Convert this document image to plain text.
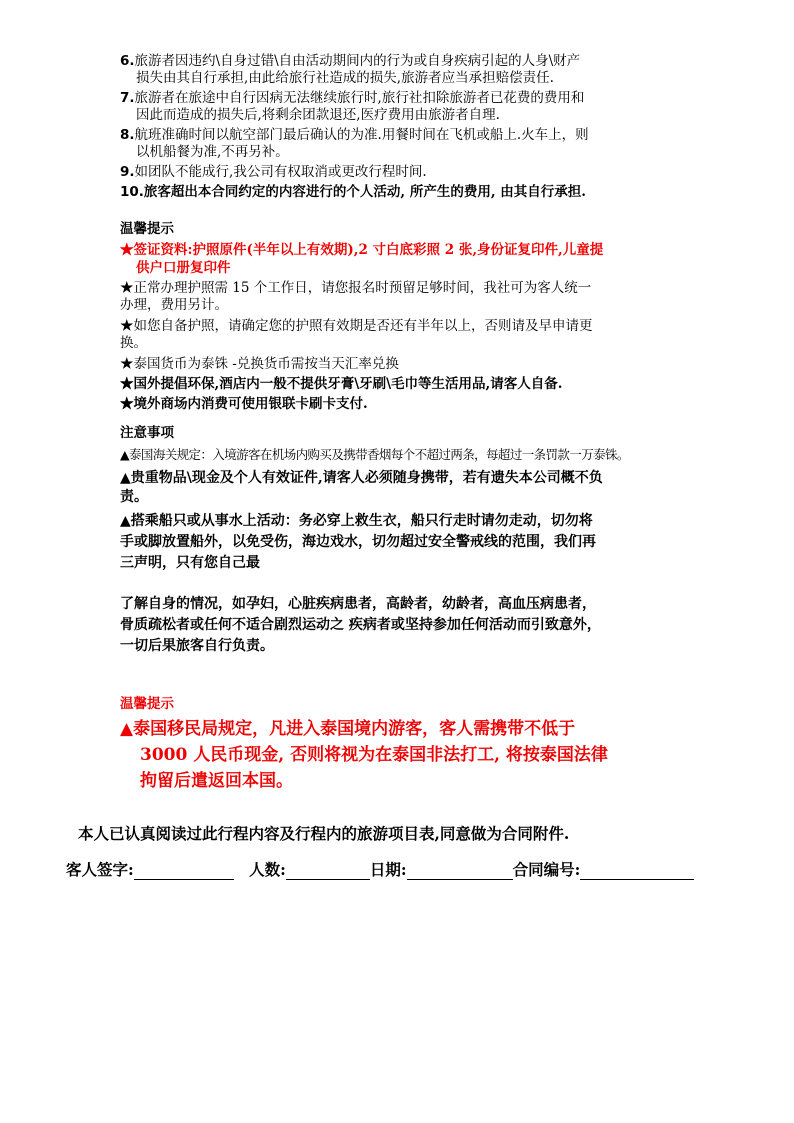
6. 旅游者因违约\自身过错\自由活动期间内的行为或自身疾病引起的人身\财产
损失由其自行承担,由此给旅行社造成的损失,旅游者应当承担赔偿责任.
7. 旅游者在旅途中自行因病无法继续旅行时,旅行社扣除旅游者已花费的费用和
因此而造成的损失后,将剩余团款退还,医疗费用由旅游者自理.
8. 航班准确时间以航空部门最后确认的为准.用餐时间在飞机或船上.火车上，则
以机船餐为准,不再另补。
9. 如团队不能成行,我公司有权取消或更改行程时间.
10. 旅客超出本合同约定的内容进行的个人活动, 所产生的费用, 由其自行承担.
温馨提示
★签证资料:护照原件(半年以上有效期),2 寸白底彩照 2 张,身份证复印件,儿童提
供户口册复印件
★正常办理护照需 15 个工作日，请您报名时预留足够时间，我社可为客人统一
办理，费用另计。
★如您自备护照，请确定您的护照有效期是否还有半年以上，否则请及早申请更
换。
★泰国货币为泰铢 -兑换货币需按当天汇率兑换
★国外提倡环保,酒店内一般不提供牙膏\牙刷\毛巾等生活用品,请客人自备.
★境外商场内消费可使用银联卡刷卡支付.
注意事项
▲泰国海关规定：入境游客在机场内购买及携带香烟每个不超过两条，每超过一条罚款一万泰铢。
▲贵重物品\现金及个人有效证件,请客人必须随身携带，若有遗失本公司概不负
责。
▲搭乘船只或从事水上活动：务必穿上救生衣，船只行走时请勿走动，切勿将
手或脚放置船外，以免受伤，海边戏水，切勿超过安全警戒线的范围，我们再
三声明，只有您自己最
了解自身的情况，如孕妇，心脏疾病患者，高龄者，幼龄者，高血压病患者，
骨质疏松者或任何不适合剧烈运动之 疾病者或坚持参加任何活动而引致意外，
一切后果旅客自行负责。
温馨提示
▲泰国移民局规定，凡进入泰国境内游客，客人需携带不低于
3000 人民币现金, 否则将视为在泰国非法打工, 将按泰国法律
拘留后遣返回本国。
本人已认真阅读过此行程内容及行程内的旅游项目表,同意做为合同附件.
客人签字:	人数:	日期:	合同编号:
